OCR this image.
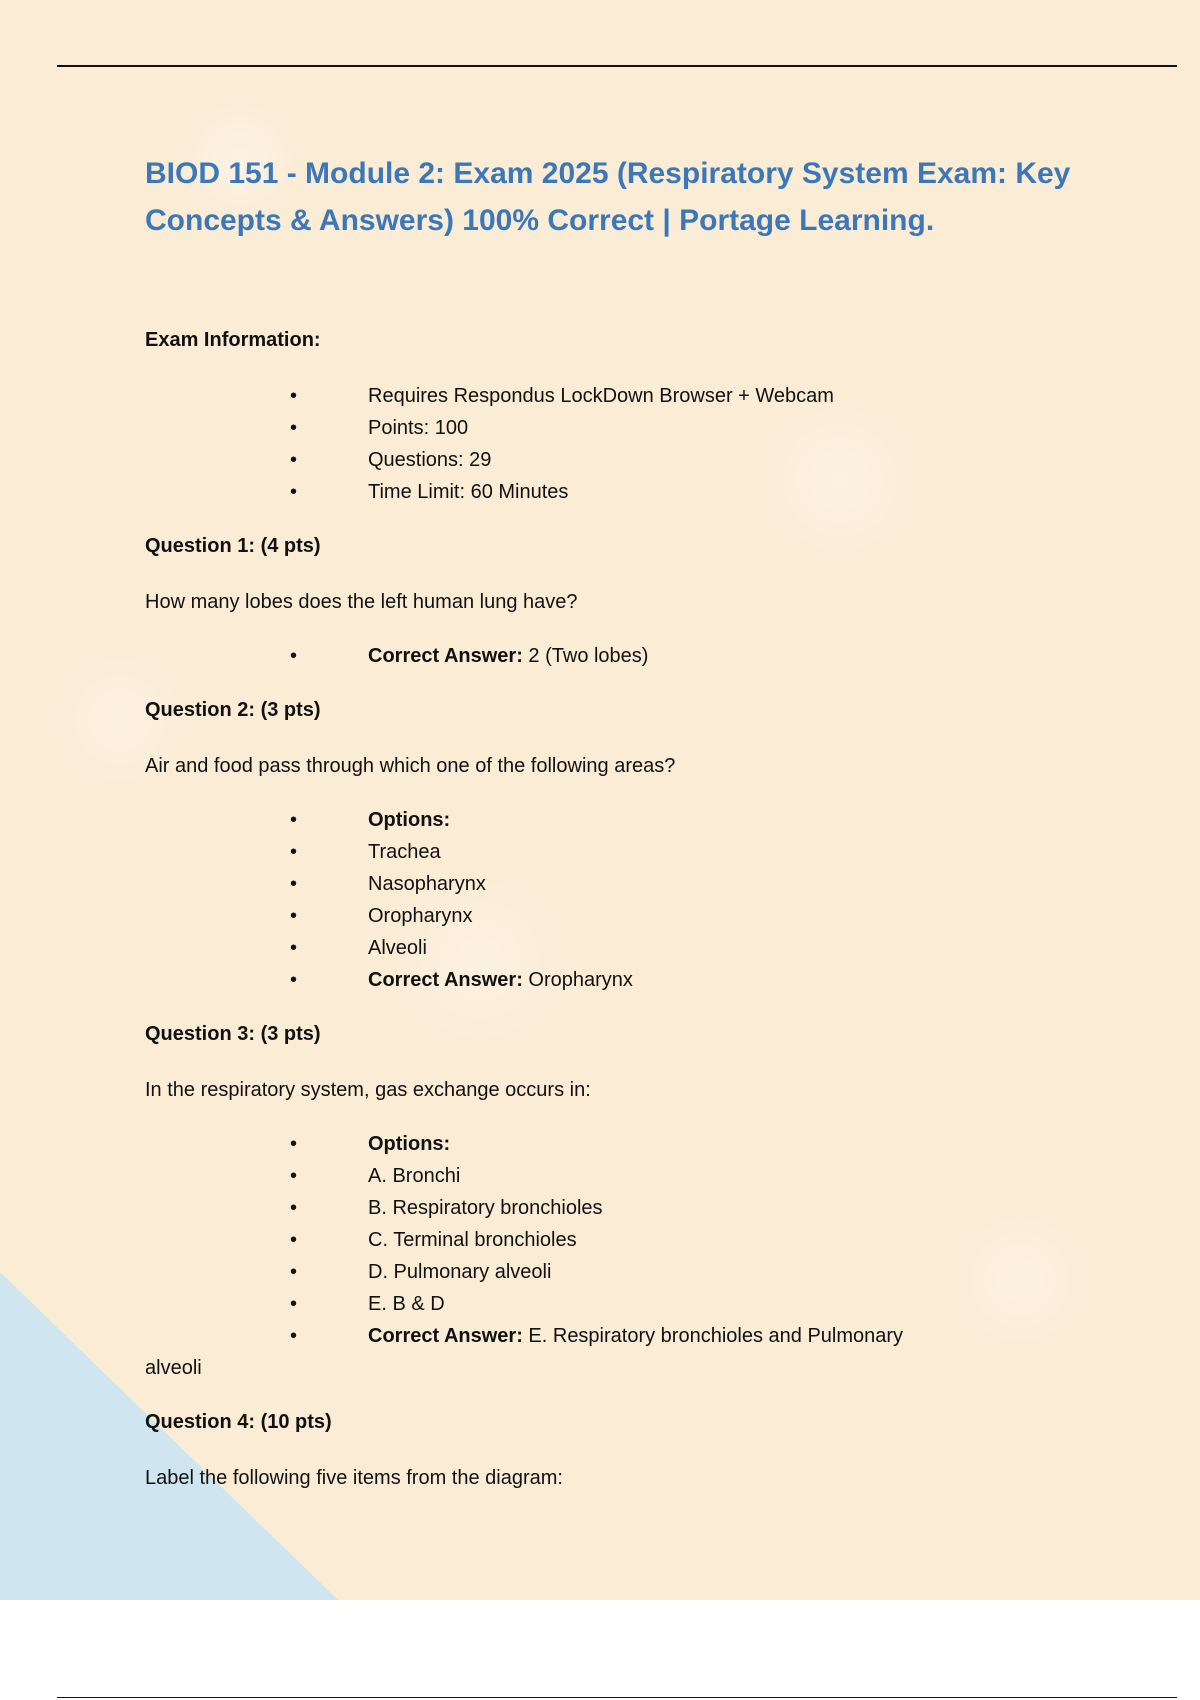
BIOD 151 - Module 2: Exam 2025 (Respiratory System Exam: Key Concepts & Answers) 100% Correct | Portage Learning.
Exam Information:
•	Requires Respondus LockDown Browser + Webcam
•	Points: 100
•	Questions: 29
•	Time Limit: 60 Minutes
Question 1: (4 pts)
How many lobes does the left human lung have?
•	Correct Answer: 2 (Two lobes)
Question 2: (3 pts)
Air and food pass through which one of the following areas?
•	Options:
•	Trachea
•	Nasopharynx
•	Oropharynx
•	Alveoli
•	Correct Answer: Oropharynx
Question 3: (3 pts)
In the respiratory system, gas exchange occurs in:
•	Options:
•	A. Bronchi
•	B. Respiratory bronchioles
•	C. Terminal bronchioles
•	D. Pulmonary alveoli
•	E. B & D
•	Correct Answer: E. Respiratory bronchioles and Pulmonary
alveoli
Question 4: (10 pts)
Label the following five items from the diagram:
